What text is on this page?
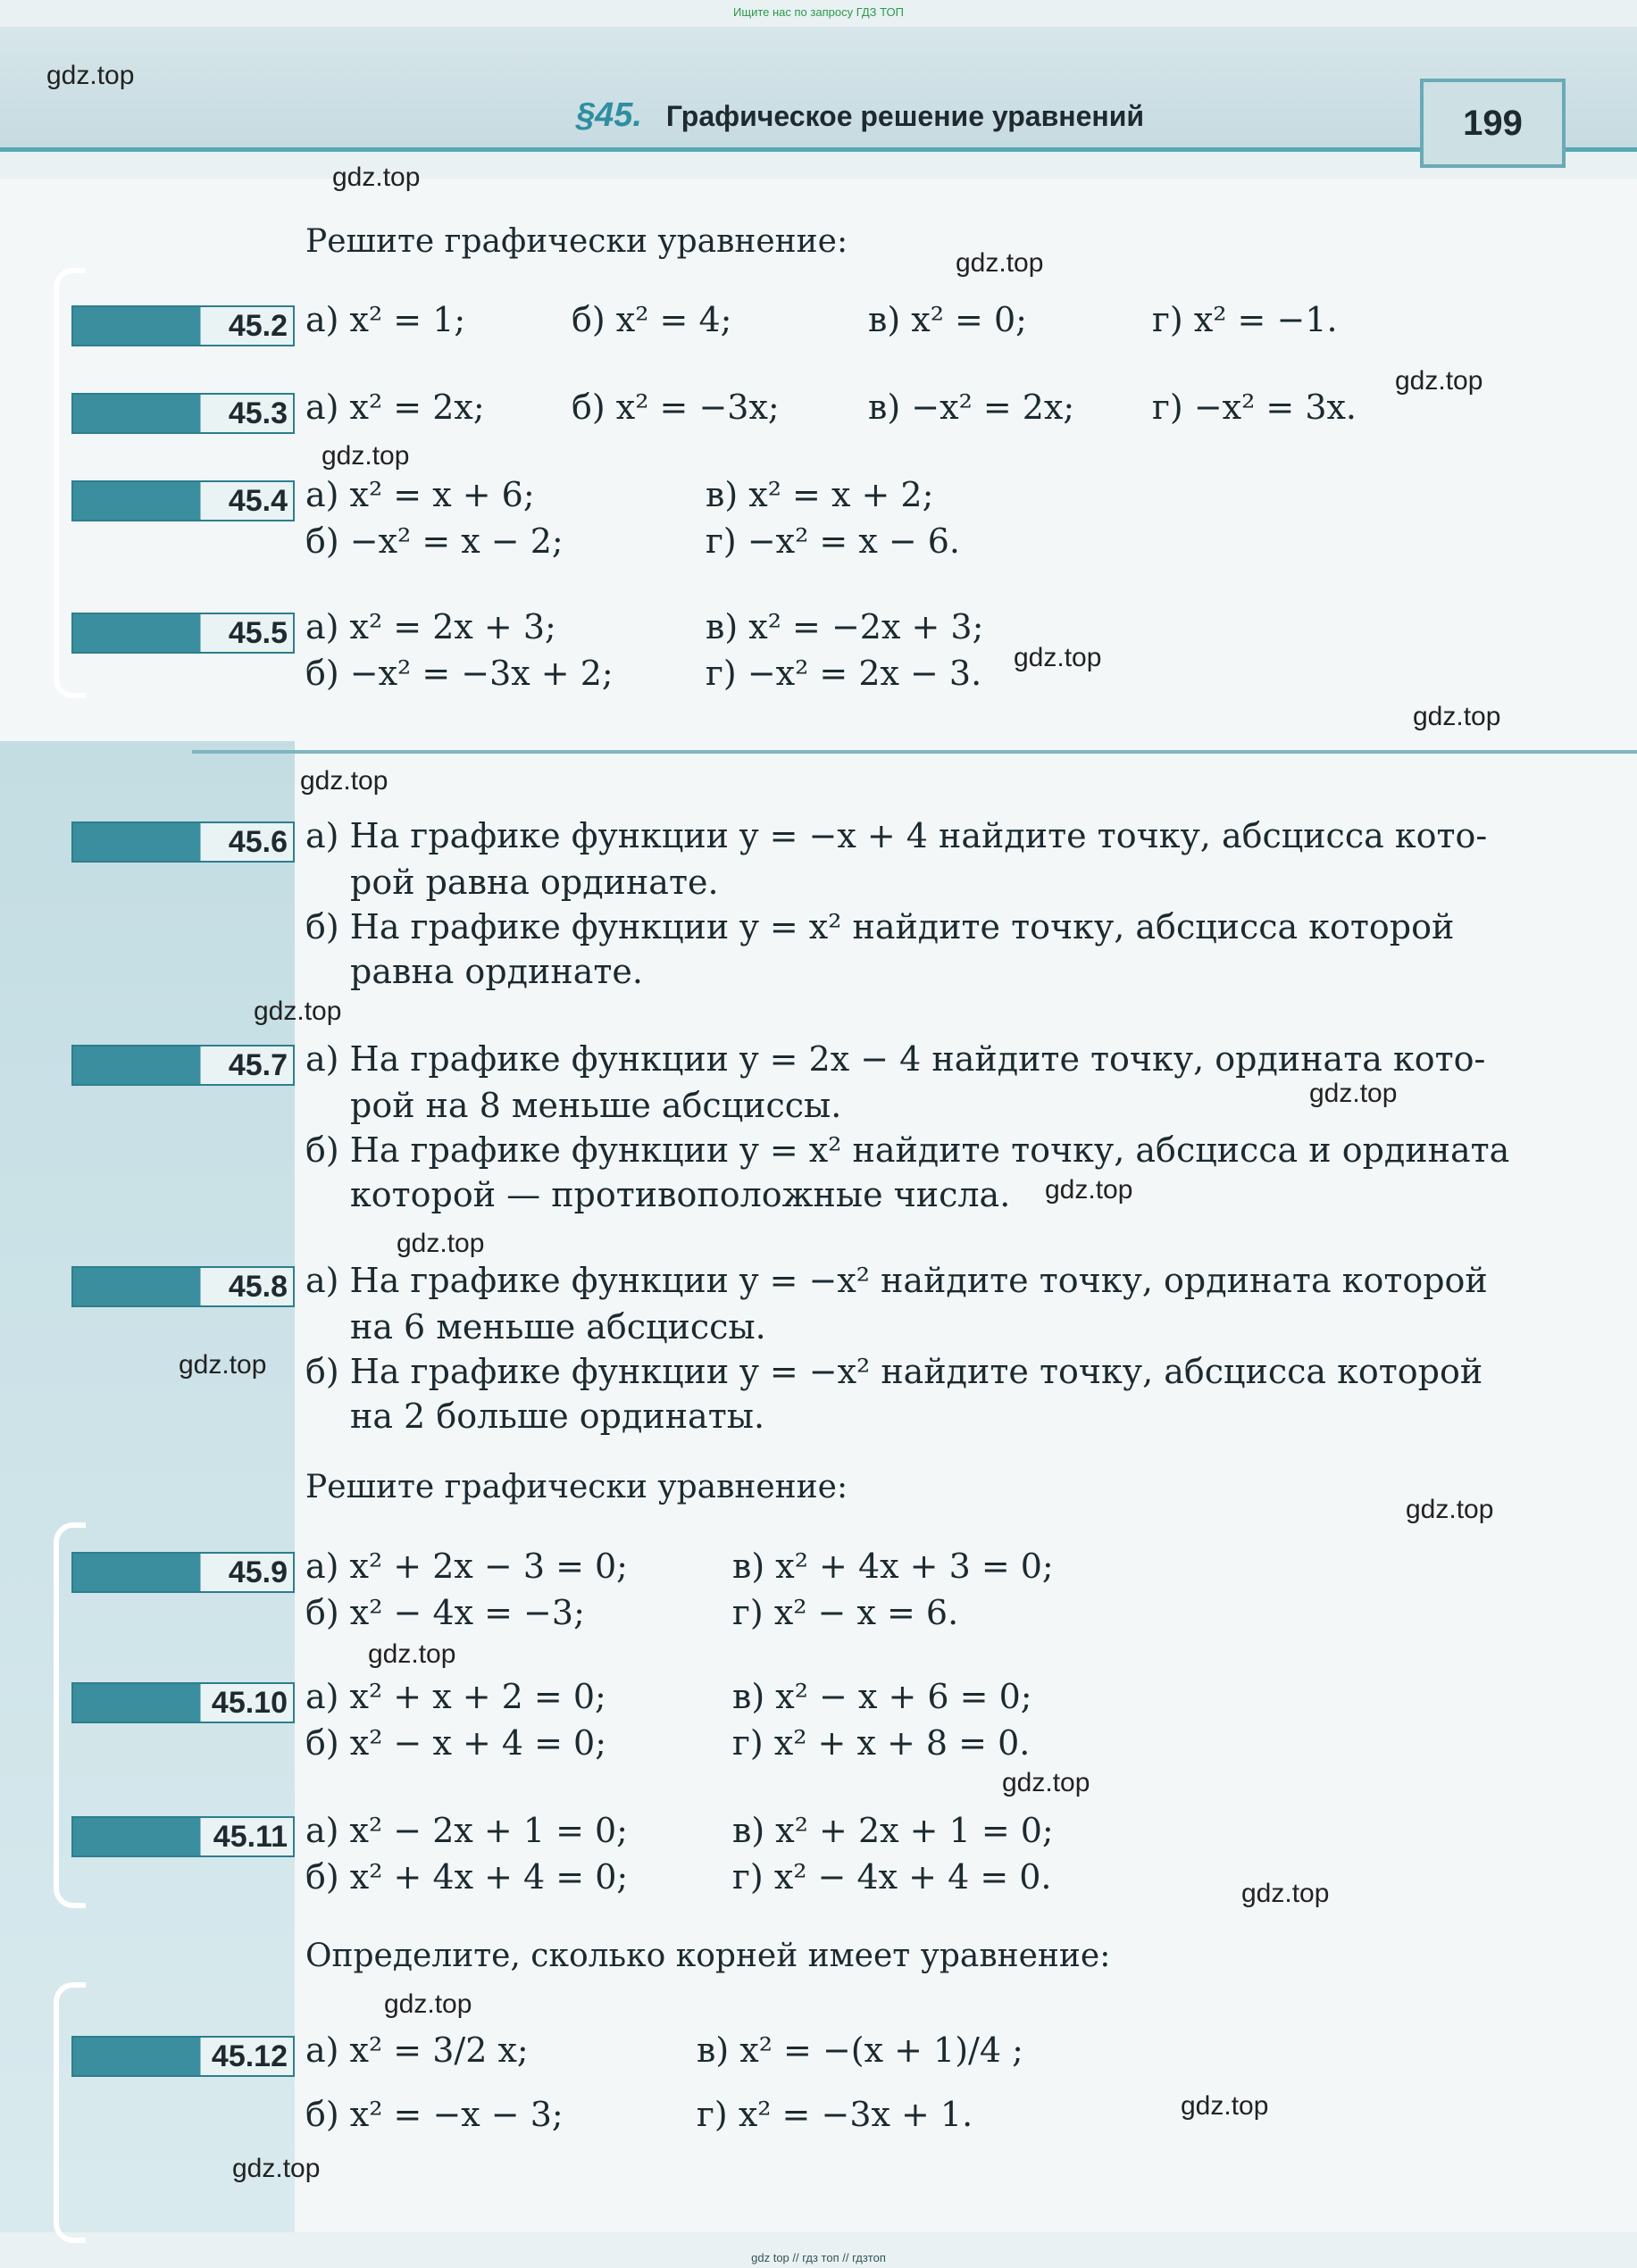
Ищите нас по запросу ГДЗ ТОП
§45. Графическое решение уравнений	199
Решите графически уравнение:
Решите графически уравнение:
Определите, сколько корней имеет уравнение:
45.2 а) x² = 1;	б) x² = 4;	в) x² = 0;	г) x² = −1.
45.3 а) x² = 2x;	б) x² = −3x;	в) −x² = 2x; г) −x² = 3x.
45.4 а) x² = x + 6;	в) x² = x + 2;
б) −x² = x − 2;	г) −x² = x − 6.
45.5 а) x² = 2x + 3;	в) x² = −2x + 3;
б) −x² = −3x + 2;	г) −x² = 2x − 3.
45.6 а) На графике функции y = −x + 4 найдите точку, абсцисса кото-
рой равна ординате.
б) На графике функции y = x² найдите точку, абсцисса которой
равна ординате.
45.7 а) На графике функции y = 2x − 4 найдите точку, ордината кото-
рой на 8 меньше абсциссы.
б) На графике функции y = x² найдите точку, абсцисса и ордината
которой — противоположные числа.
45.8 а) На графике функции y = −x² найдите точку, ордината которой
на 6 меньше абсциссы.
б) На графике функции y = −x² найдите точку, абсцисса которой
на 2 больше ординаты.
45.9 а) x² + 2x − 3 = 0;	в) x² + 4x + 3 = 0;
б) x² − 4x = −3;	г) x² − x = 6.
45.10 а) x² + x + 2 = 0;	в) x² − x + 6 = 0;
б) x² − x + 4 = 0;	г) x² + x + 8 = 0.
45.11 а) x² − 2x + 1 = 0;	в) x² + 2x + 1 = 0;
б) x² + 4x + 4 = 0;	г) x² − 4x + 4 = 0.
45.12 а) x² = 3/2 x;	в) x² = −(x + 1)/4 ;
б) x² = −x − 3;	г) x² = −3x + 1.
gdz.top
gdz.top
gdz.top
gdz.top
gdz.top
gdz.top
gdz.top
gdz.top
gdz.top
gdz.top
gdz.top
gdz.top
gdz.top
gdz.top
gdz.top
gdz.top
gdz.top
gdz.top
gdz.top
gdz.top
gdz top // гдз топ // гдзтоп
